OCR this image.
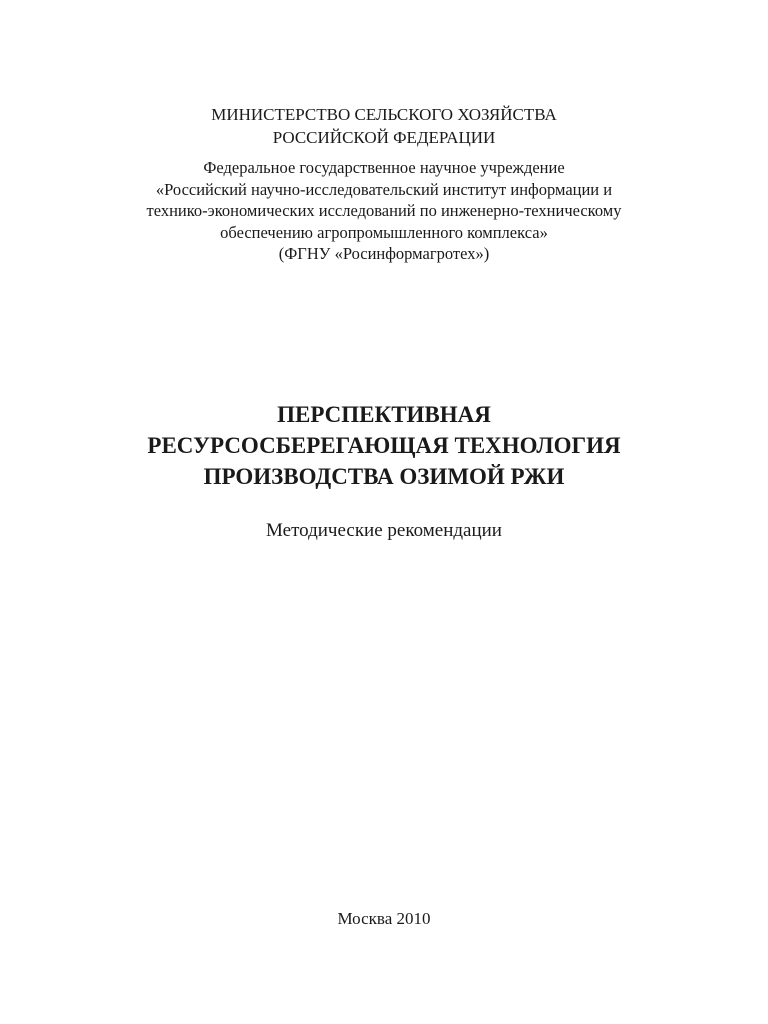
МИНИСТЕРСТВО СЕЛЬСКОГО ХОЗЯЙСТВА
РОССИЙСКОЙ ФЕДЕРАЦИИ
Федеральное государственное научное учреждение
«Российский научно-исследовательский институт информации и
технико-экономических исследований по инженерно-техническому
обеспечению агропромышленного комплекса»
(ФГНУ «Росинформагротех»)
ПЕРСПЕКТИВНАЯ
РЕСУРСОСБЕРЕГАЮЩАЯ ТЕХНОЛОГИЯ
ПРОИЗВОДСТВА ОЗИМОЙ РЖИ
Методические рекомендации
Москва 2010
